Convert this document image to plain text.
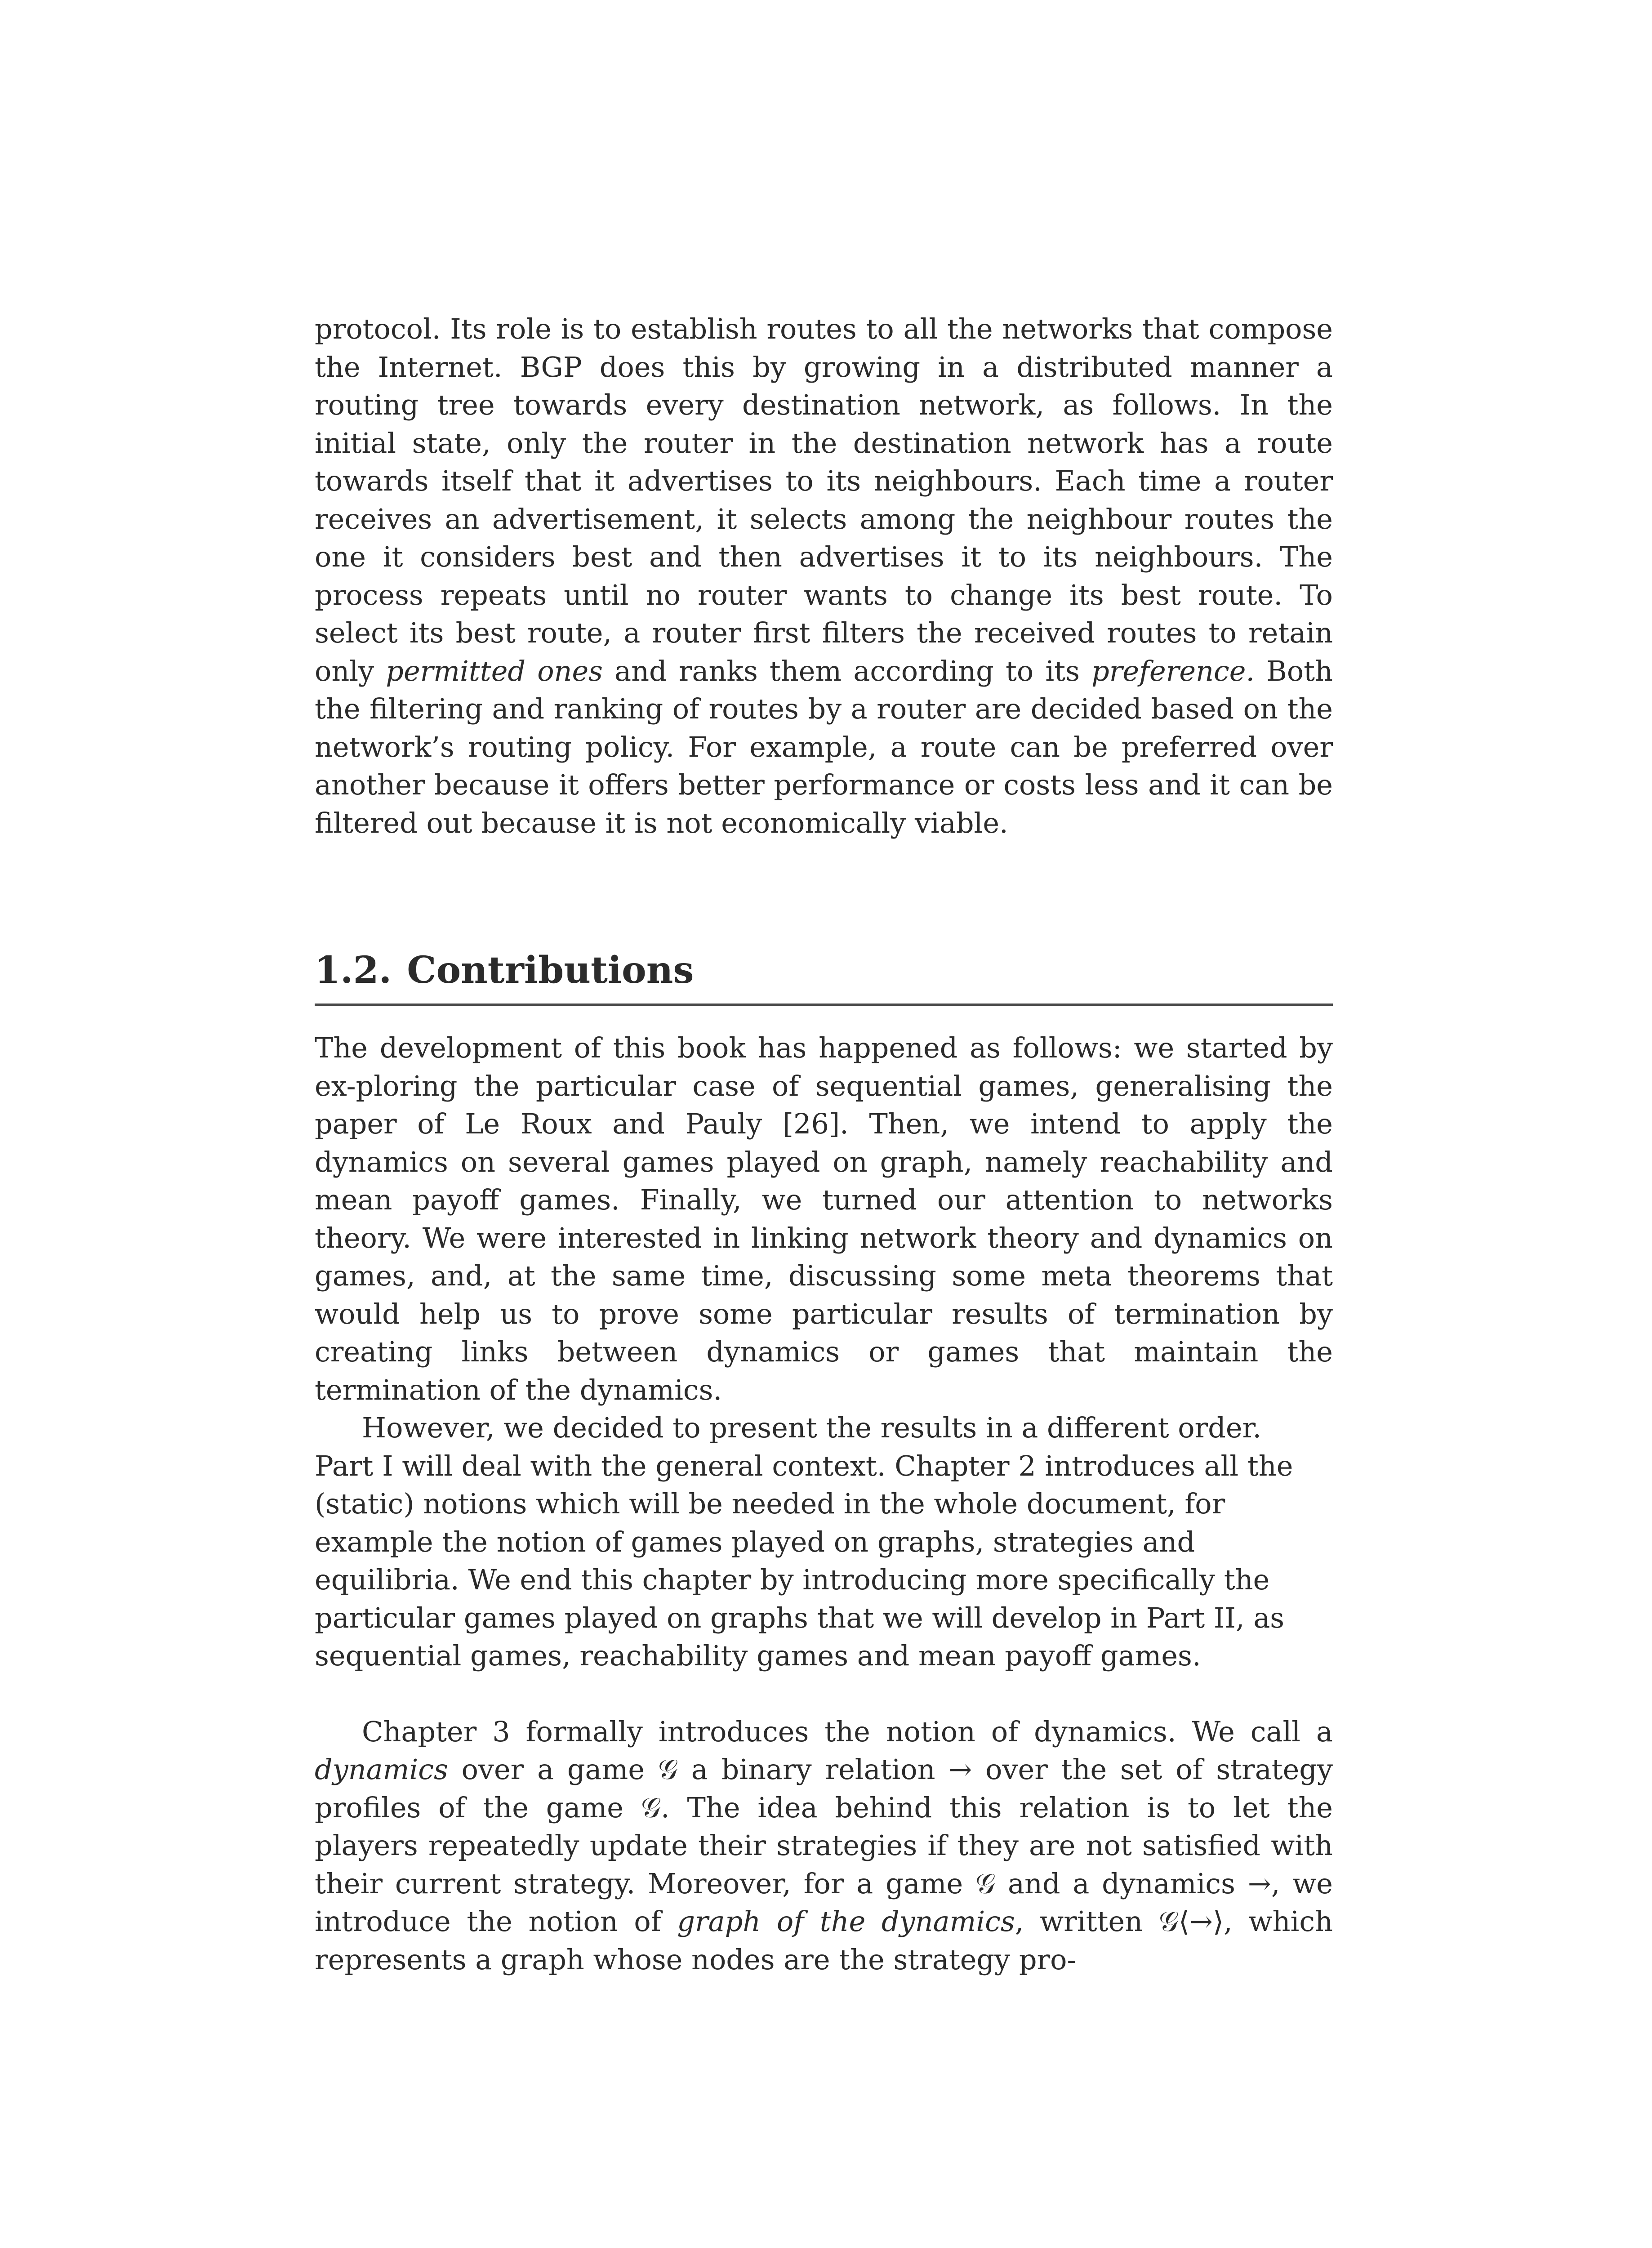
protocol. Its role is to establish routes to all the networks that compose the Internet. BGP does this by growing in a distributed manner a routing tree towards every destination network, as follows. In the initial state, only the router in the destination network has a route towards itself that it advertises to its neighbours. Each time a router receives an advertisement, it selects among the neighbour routes the one it considers best and then advertises it to its neighbours. The process repeats until no router wants to change its best route. To select its best route, a router first filters the received routes to retain only permitted ones and ranks them according to its preference. Both the filtering and ranking of routes by a router are decided based on the network’s routing policy. For example, a route can be preferred over another because it offers better performance or costs less and it can be filtered out because it is not economically viable.

1.2. Contributions

The development of this book has happened as follows: we started by ex-ploring the particular case of sequential games, generalising the paper of Le Roux and Pauly [26]. Then, we intend to apply the dynamics on several games played on graph, namely reachability and mean payoff games. Finally, we turned our attention to networks theory. We were interested in linking network theory and dynamics on games, and, at the same time, discussing some meta theorems that would help us to prove some particular results of termination by creating links between dynamics or games that maintain the termination of the dynamics.

However, we decided to present the results in a different order.

Part I will deal with the general context. Chapter 2 introduces all the (static) notions which will be needed in the whole document, for example the notion of games played on graphs, strategies and equilibria. We end this chapter by introducing more specifically the particular games played on graphs that we will develop in Part II, as sequential games, reachability games and mean payoff games.

Chapter 3 formally introduces the notion of dynamics. We call a dynamics over a game 𝒢 a binary relation → over the set of strategy profiles of the game 𝒢. The idea behind this relation is to let the players repeatedly update their strategies if they are not satisfied with their current strategy. Moreover, for a game 𝒢 and a dynamics →, we introduce the notion of graph of the dynamics, written 𝒢⟨→⟩, which represents a graph whose nodes are the strategy pro-
